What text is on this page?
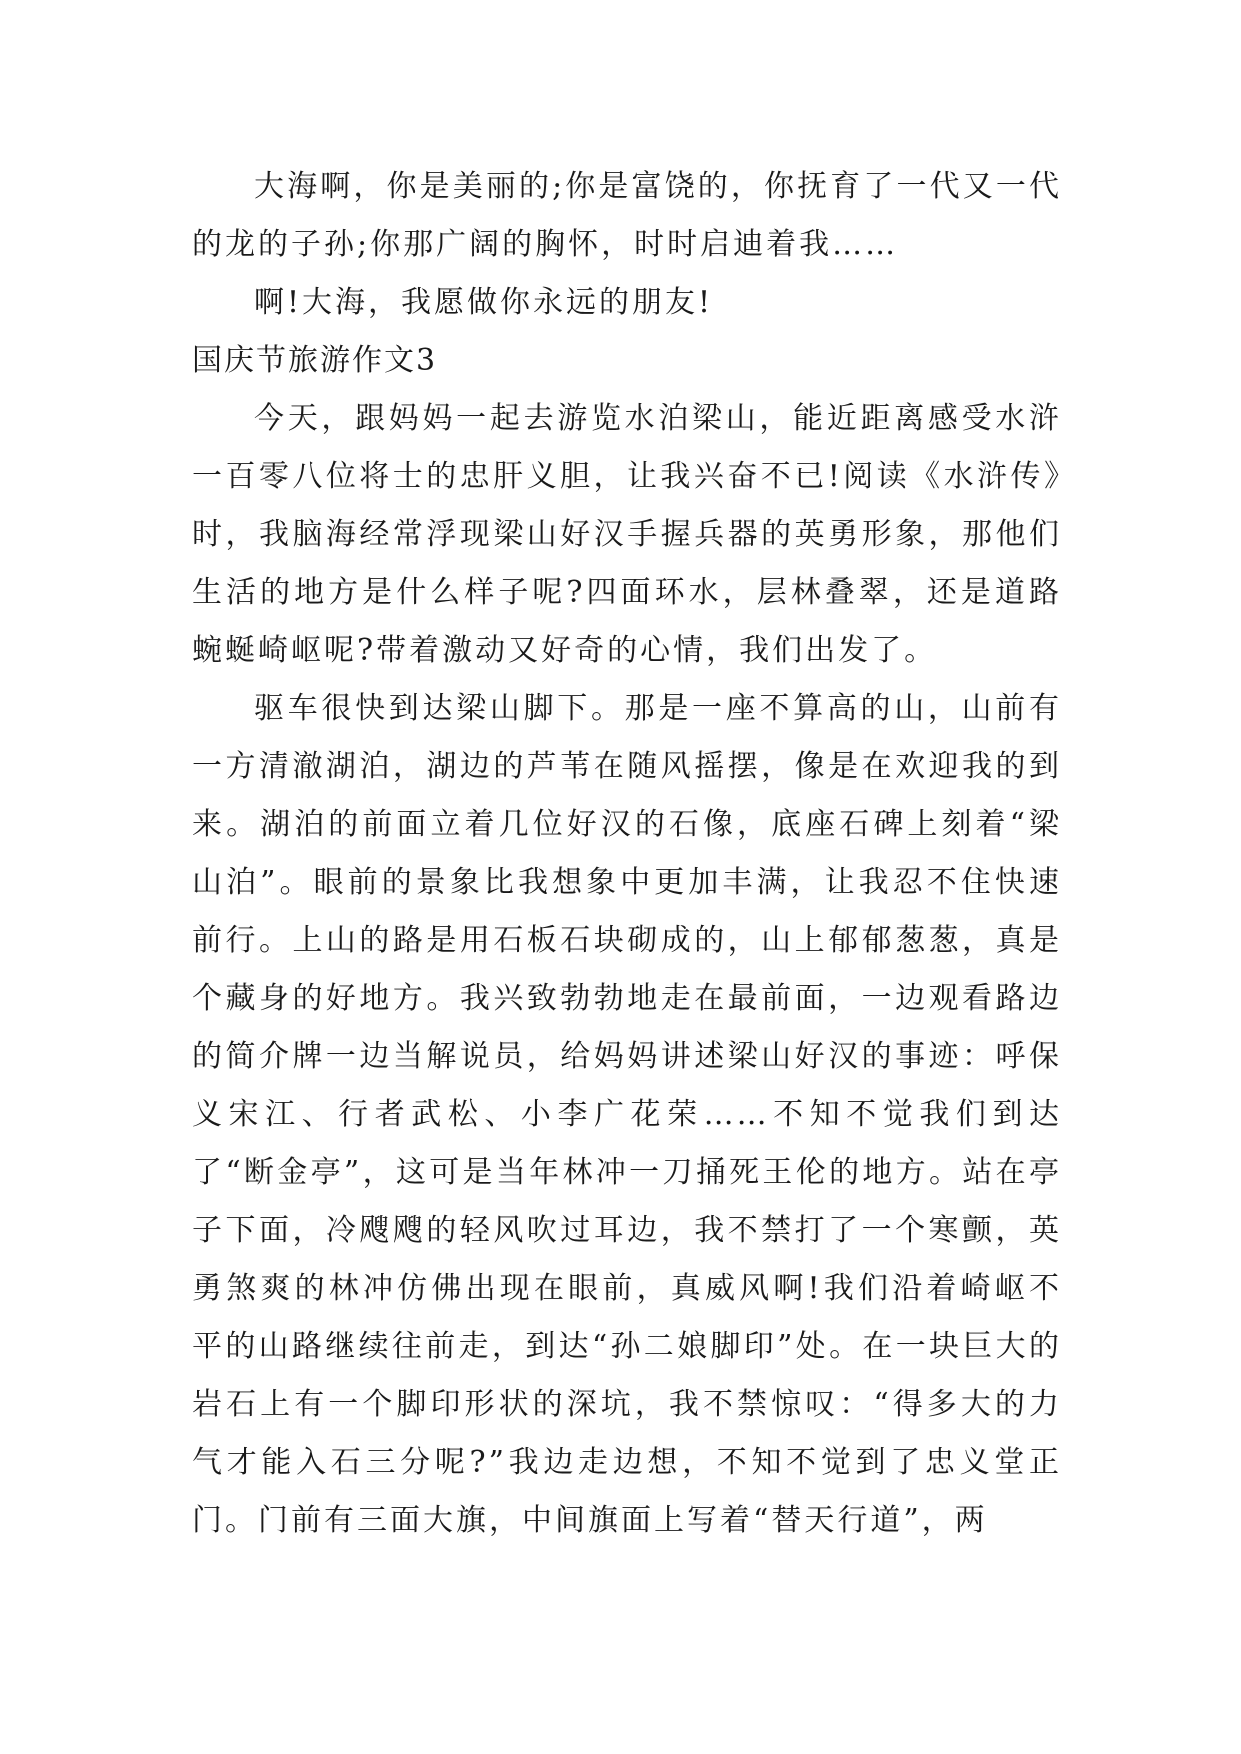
大海啊，你是美丽的;你是富饶的，你抚育了一代又一代的龙的子孙;你那广阔的胸怀，时时启迪着我……

啊!大海，我愿做你永远的朋友!

国庆节旅游作文3

今天，跟妈妈一起去游览水泊梁山，能近距离感受水浒一百零八位将士的忠肝义胆，让我兴奋不已!阅读《水浒传》时，我脑海经常浮现梁山好汉手握兵器的英勇形象，那他们生活的地方是什么样子呢?四面环水，层林叠翠，还是道路蜿蜒崎岖呢?带着激动又好奇的心情，我们出发了。

驱车很快到达梁山脚下。那是一座不算高的山，山前有一方清澈湖泊，湖边的芦苇在随风摇摆，像是在欢迎我的到来。湖泊的前面立着几位好汉的石像，底座石碑上刻着“梁山泊”。眼前的景象比我想象中更加丰满，让我忍不住快速前行。上山的路是用石板石块砌成的，山上郁郁葱葱，真是个藏身的好地方。我兴致勃勃地走在最前面，一边观看路边的简介牌一边当解说员，给妈妈讲述梁山好汉的事迹：呼保义宋江、行者武松、小李广花荣……不知不觉我们到达了“断金亭”，这可是当年林冲一刀捅死王伦的地方。站在亭子下面，冷飕飕的轻风吹过耳边，我不禁打了一个寒颤，英勇煞爽的林冲仿佛出现在眼前，真威风啊!我们沿着崎岖不平的山路继续往前走，到达“孙二娘脚印”处。在一块巨大的岩石上有一个脚印形状的深坑，我不禁惊叹：“得多大的力气才能入石三分呢?”我边走边想，不知不觉到了忠义堂正门。门前有三面大旗，中间旗面上写着“替天行道”，两
